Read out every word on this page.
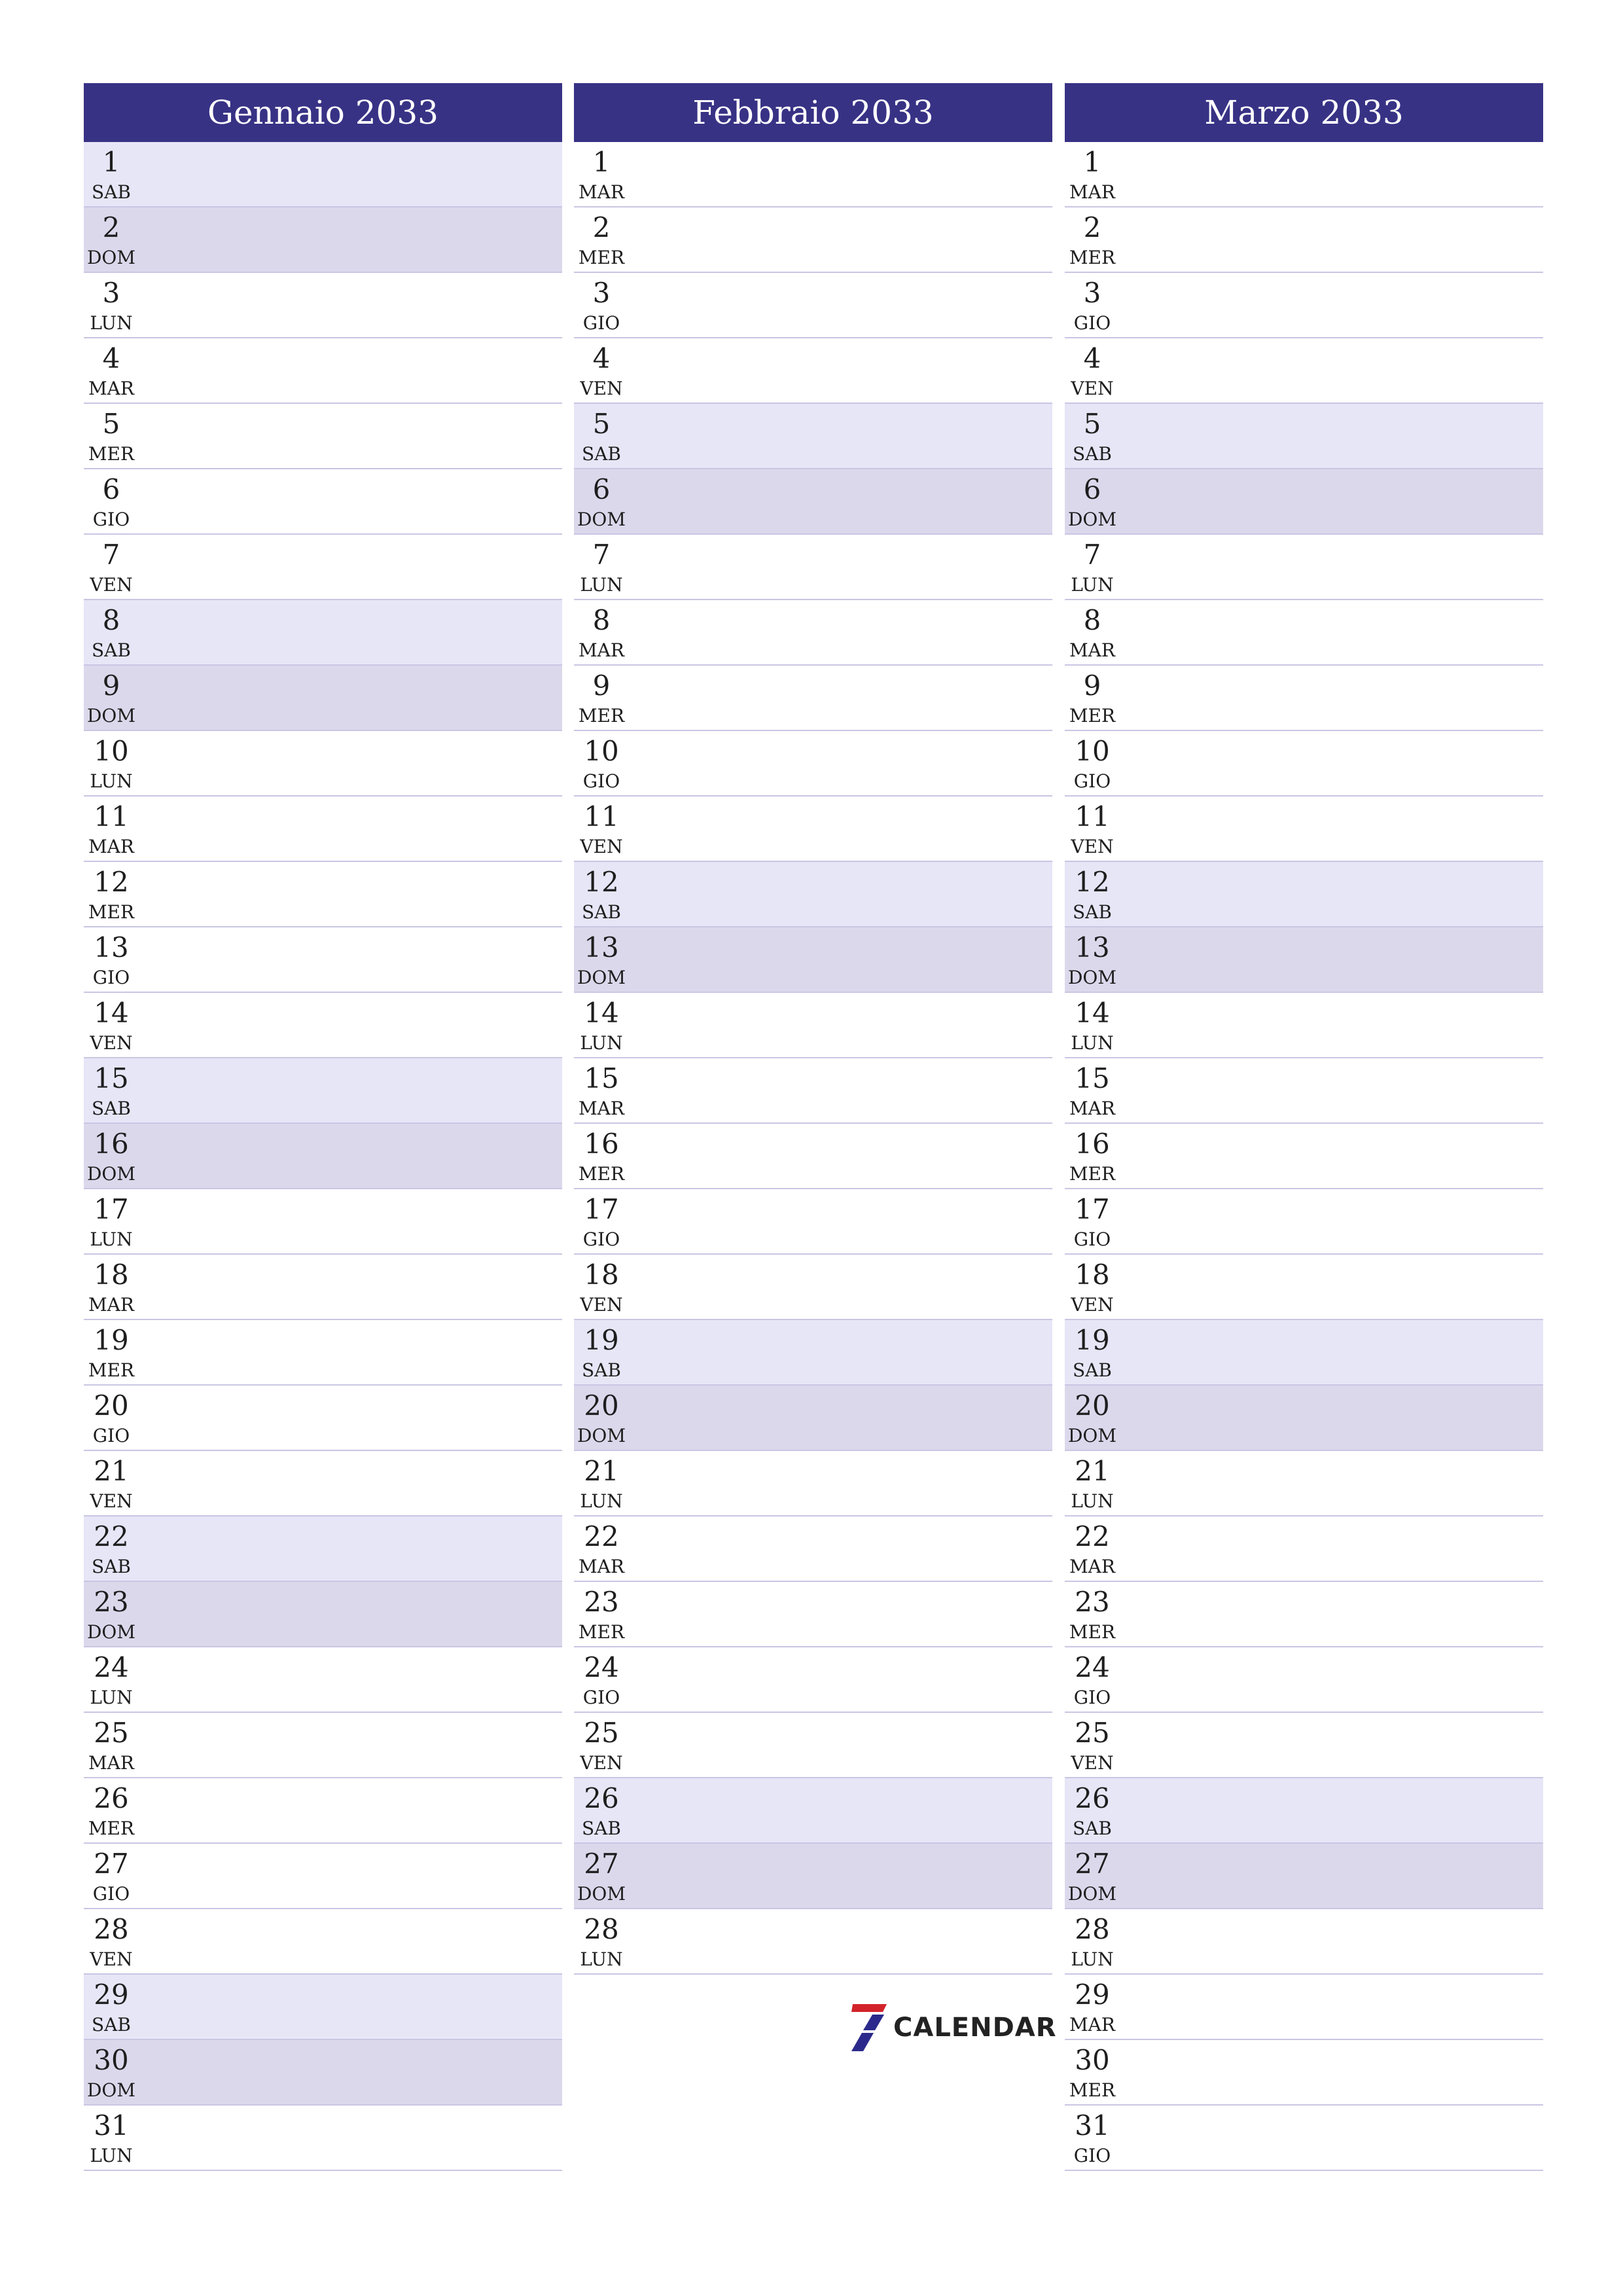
Gennaio 2033
1
SAB
2
DOM
3
LUN
4
MAR
5
MER
6
GIO
7
VEN
8
SAB
9
DOM
10
LUN
11
MAR
12
MER
13
GIO
14
VEN
15
SAB
16
DOM
17
LUN
18
MAR
19
MER
20
GIO
21
VEN
22
SAB
23
DOM
24
LUN
25
MAR
26
MER
27
GIO
28
VEN
29
SAB
30
DOM
31
LUN
Febbraio 2033
1
MAR
2
MER
3
GIO
4
VEN
5
SAB
6
DOM
7
LUN
8
MAR
9
MER
10
GIO
11
VEN
12
SAB
13
DOM
14
LUN
15
MAR
16
MER
17
GIO
18
VEN
19
SAB
20
DOM
21
LUN
22
MAR
23
MER
24
GIO
25
VEN
26
SAB
27
DOM
28
LUN
Marzo 2033
1
MAR
2
MER
3
GIO
4
VEN
5
SAB
6
DOM
7
LUN
8
MAR
9
MER
10
GIO
11
VEN
12
SAB
13
DOM
14
LUN
15
MAR
16
MER
17
GIO
18
VEN
19
SAB
20
DOM
21
LUN
22
MAR
23
MER
24
GIO
25
VEN
26
SAB
27
DOM
28
LUN
29
MAR
30
MER
31
GIO
CALENDAR
